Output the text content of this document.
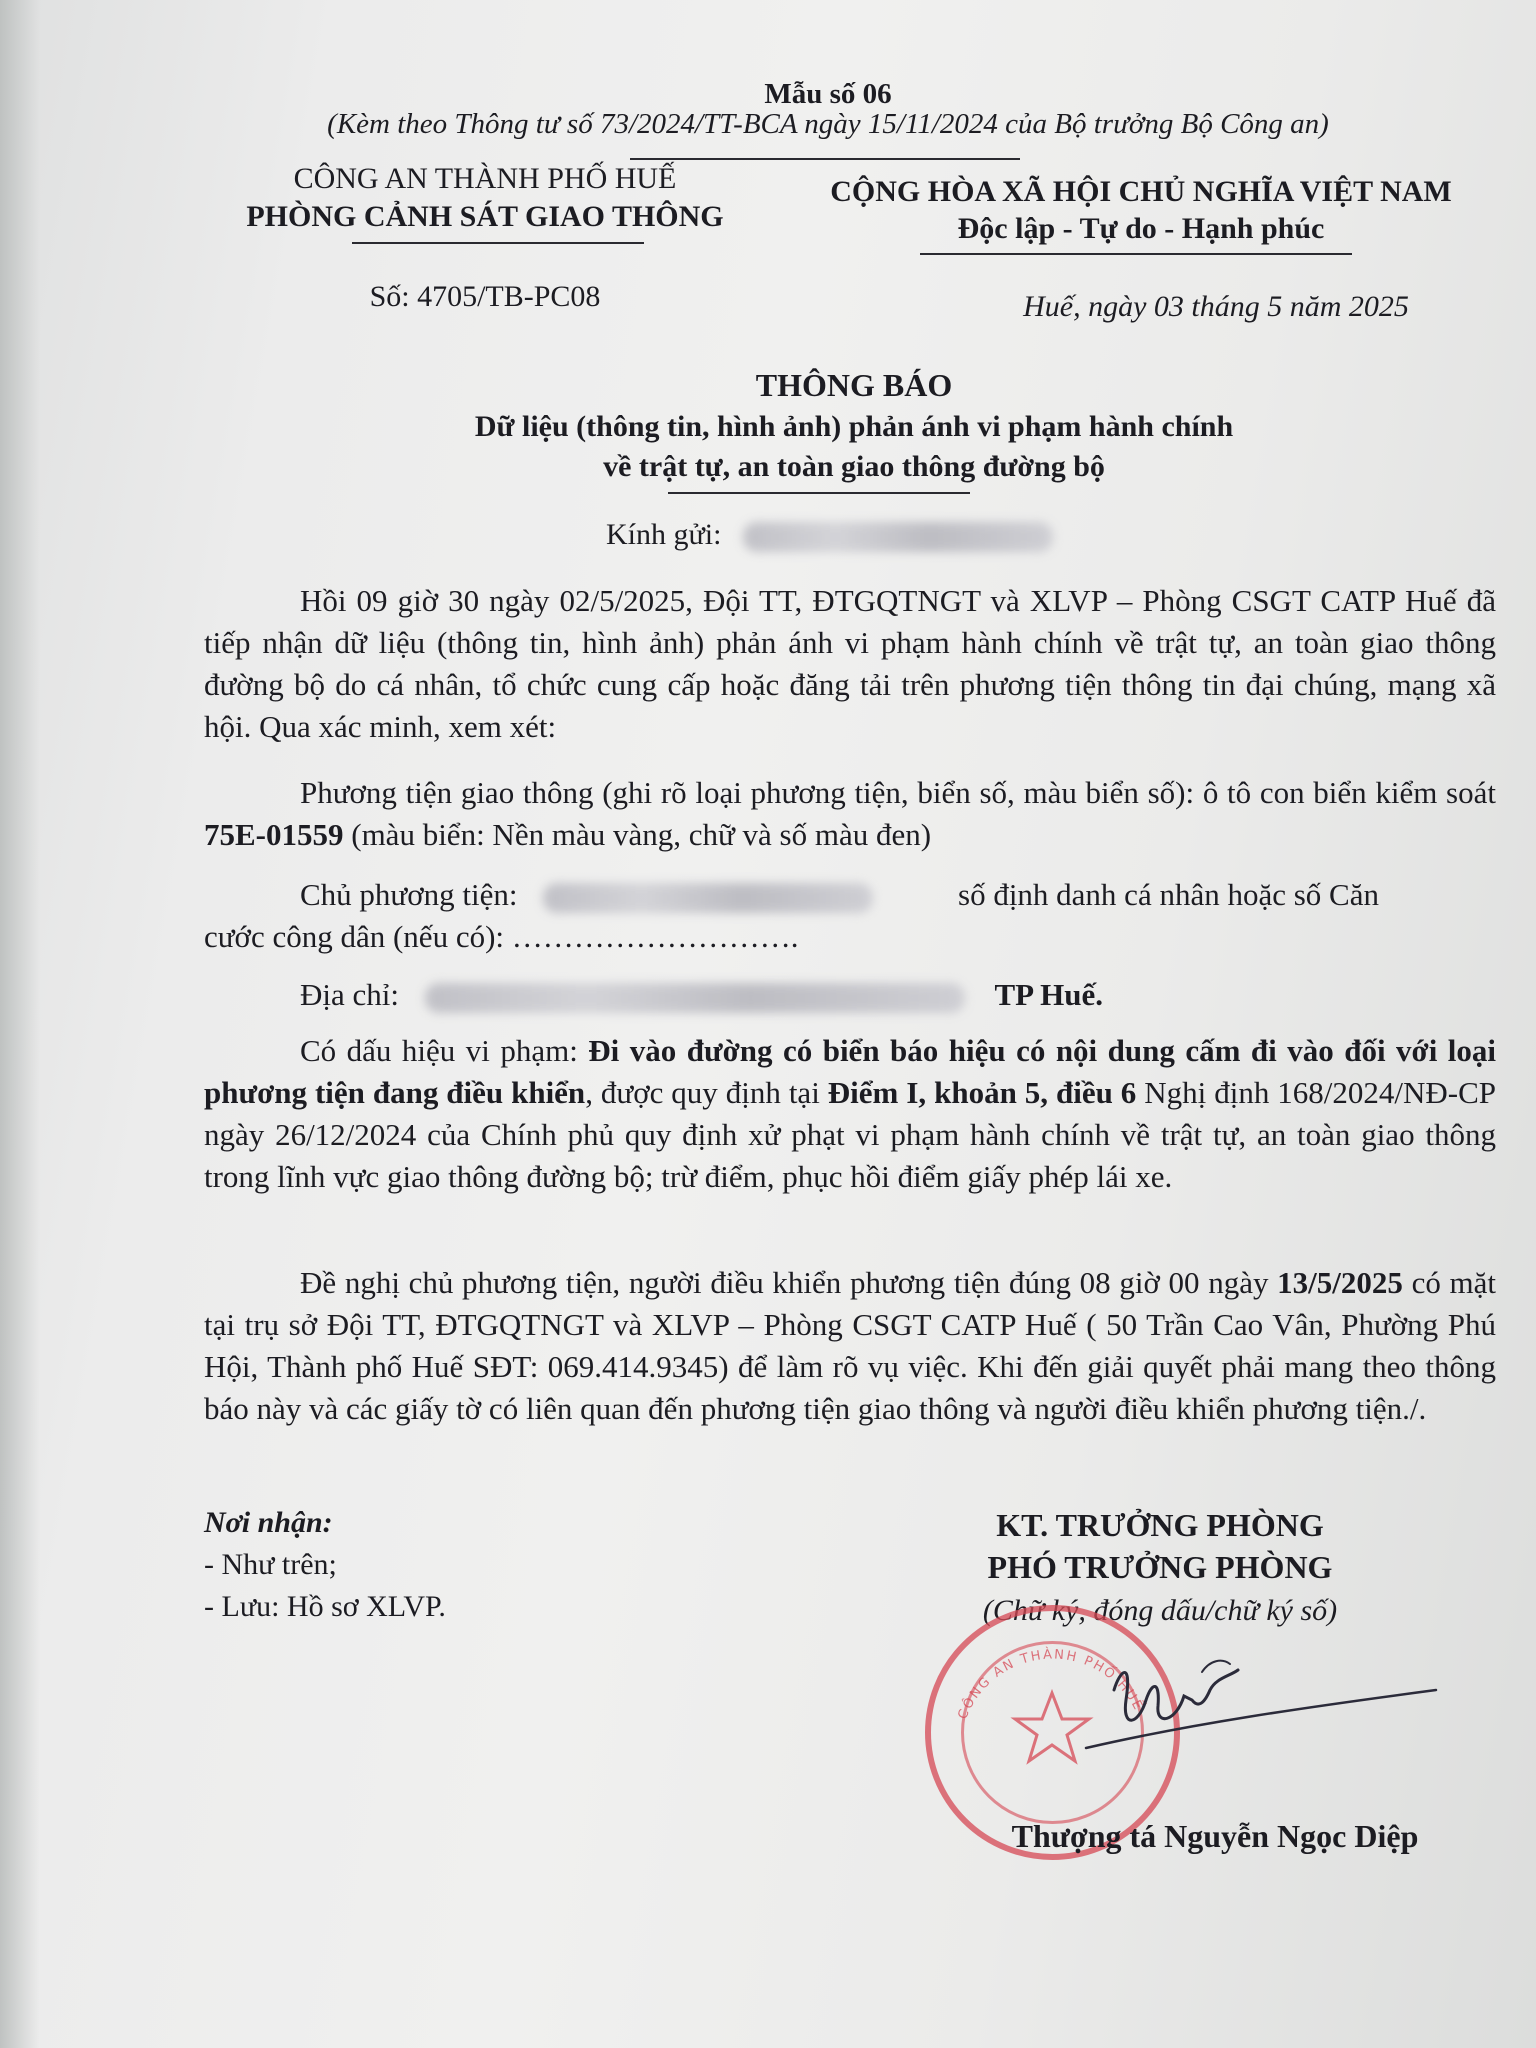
Mẫu số 06
(Kèm theo Thông tư số 73/2024/TT-BCA ngày 15/11/2024 của Bộ trưởng Bộ Công an)
CÔNG AN THÀNH PHỐ HUẾ
PHÒNG CẢNH SÁT GIAO THÔNG
Số: 4705/TB-PC08
CỘNG HÒA XÃ HỘI CHỦ NGHĨA VIỆT NAM
Độc lập - Tự do - Hạnh phúc
Huế, ngày 03 tháng 5 năm 2025
THÔNG BÁO
Dữ liệu (thông tin, hình ảnh) phản ánh vi phạm hành chính
về trật tự, an toàn giao thông đường bộ
Kính gửi:
Hồi 09 giờ 30 ngày 02/5/2025, Đội TT, ĐTGQTNGT và XLVP – Phòng CSGT CATP Huế đã tiếp nhận dữ liệu (thông tin, hình ảnh) phản ánh vi phạm hành chính về trật tự, an toàn giao thông đường bộ do cá nhân, tổ chức cung cấp hoặc đăng tải trên phương tiện thông tin đại chúng, mạng xã hội. Qua xác minh, xem xét:
Phương tiện giao thông (ghi rõ loại phương tiện, biển số, màu biển số): ô tô con biển kiểm soát 75E-01559 (màu biển: Nền màu vàng, chữ và số màu đen)
Chủ phương tiện:	số định danh cá nhân hoặc số Căn
cước công dân (nếu có): ……………………….
Địa chỉ:	TP Huế.
Có dấu hiệu vi phạm: Đi vào đường có biển báo hiệu có nội dung cấm đi vào đối với loại phương tiện đang điều khiển, được quy định tại Điểm I, khoản 5, điều 6 Nghị định 168/2024/NĐ-CP ngày 26/12/2024 của Chính phủ quy định xử phạt vi phạm hành chính về trật tự, an toàn giao thông trong lĩnh vực giao thông đường bộ; trừ điểm, phục hồi điểm giấy phép lái xe.
Đề nghị chủ phương tiện, người điều khiển phương tiện đúng 08 giờ 00 ngày 13/5/2025 có mặt tại trụ sở Đội TT, ĐTGQTNGT và XLVP – Phòng CSGT CATP Huế ( 50 Trần Cao Vân, Phường Phú Hội, Thành phố Huế SĐT: 069.414.9345) để làm rõ vụ việc. Khi đến giải quyết phải mang theo thông báo này và các giấy tờ có liên quan đến phương tiện giao thông và người điều khiển phương tiện./.
Nơi nhận:
- Như trên;
- Lưu: Hồ sơ XLVP.
KT. TRƯỞNG PHÒNG
PHÓ TRƯỞNG PHÒNG
(Chữ ký, đóng dấu/chữ ký số)
CÔNG AN THÀNH PHỐ HUẾ
Thượng tá Nguyễn Ngọc Diệp
